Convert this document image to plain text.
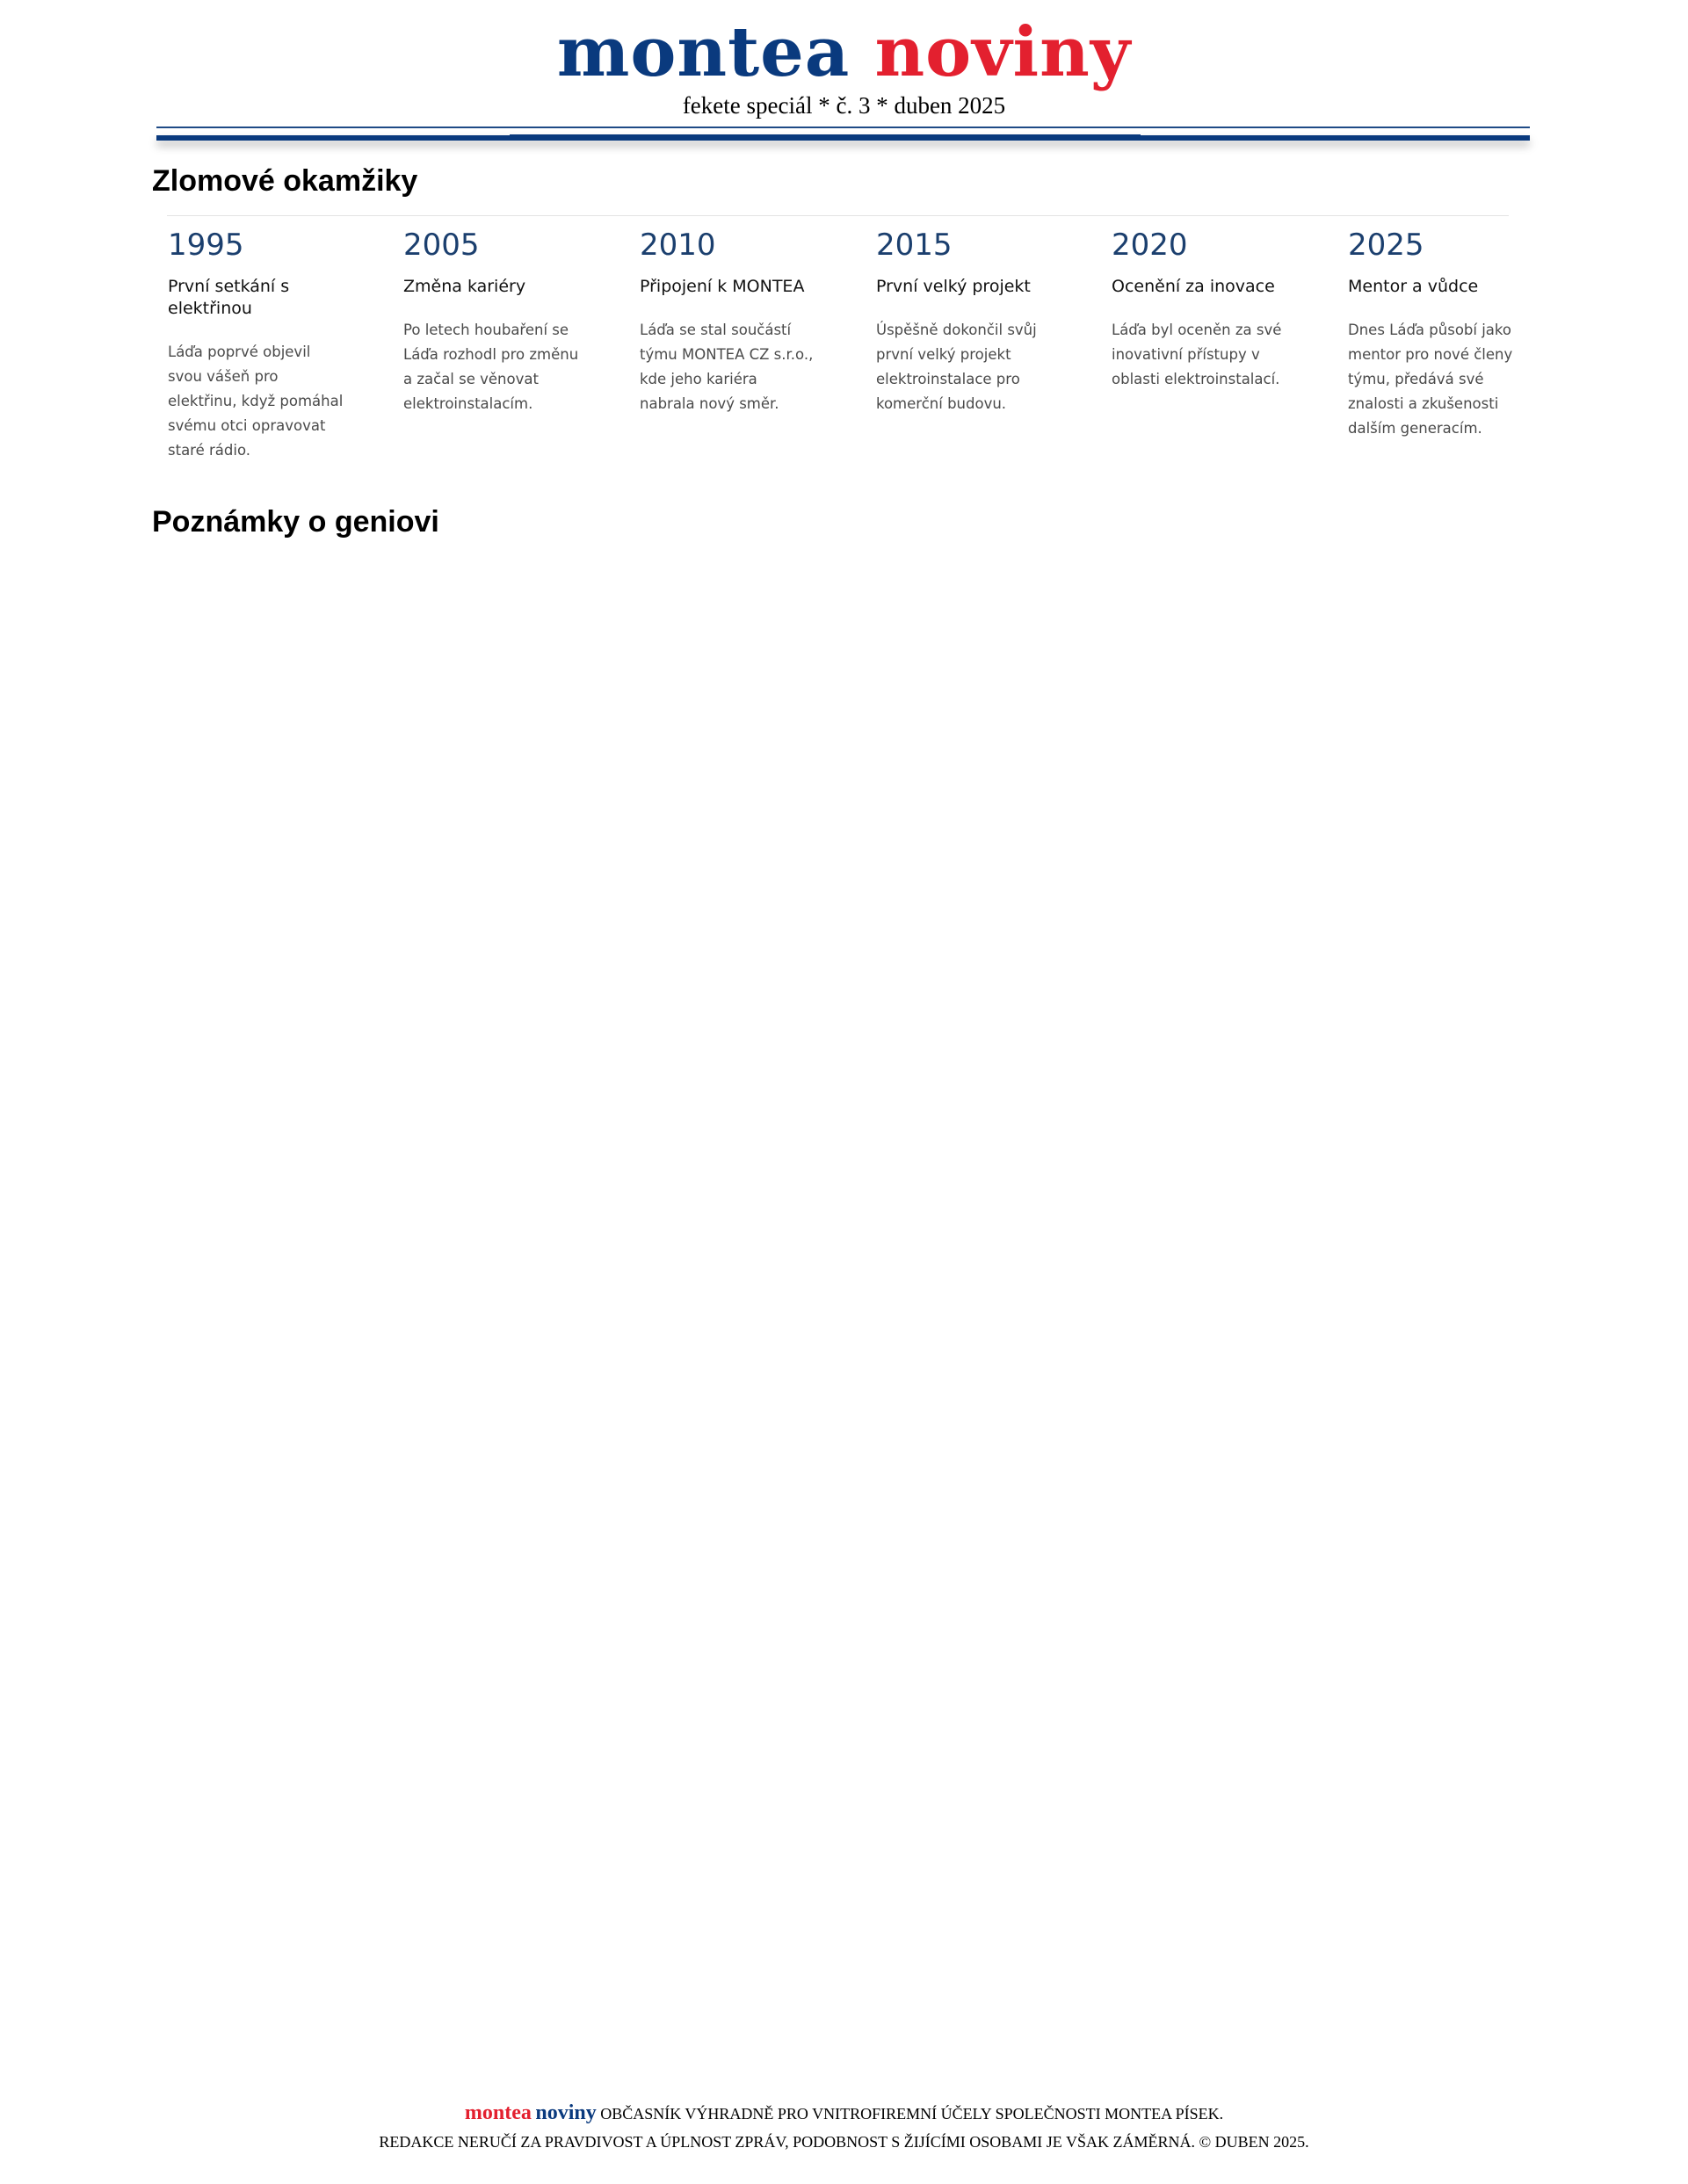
montea noviny
fekete speciál * č. 3 * duben 2025
Zlomové okamžiky
1995
První setkání s elektřinou
Láďa poprvé objevil svou vášeň pro elektřinu, když pomáhal svému otci opravovat staré rádio.
2005
Změna kariéry
Po letech houbaření se Láďa rozhodl pro změnu a začal se věnovat elektroinstalacím.
2010
Připojení k MONTEA
Láďa se stal součástí týmu MONTEA CZ s.r.o., kde jeho kariéra nabrala nový směr.
2015
První velký projekt
Úspěšně dokončil svůj první velký projekt elektroinstalace pro komerční budovu.
2020
Ocenění za inovace
Láďa byl oceněn za své inovativní přístupy v oblasti elektroinstalací.
2025
Mentor a vůdce
Dnes Láďa působí jako mentor pro nové členy týmu, předává své znalosti a zkušenosti dalším generacím.
Poznámky o geniovi
montea noviny OBČASNÍK VÝHRADNĚ PRO VNITROFIREMNÍ ÚČELY SPOLEČNOSTI MONTEA PÍSEK.
REDAKCE NERUČÍ ZA PRAVDIVOST A ÚPLNOST ZPRÁV, PODOBNOST S ŽIJÍCÍMI OSOBAMI JE VŠAK ZÁMĚRNÁ. © DUBEN 2025.
